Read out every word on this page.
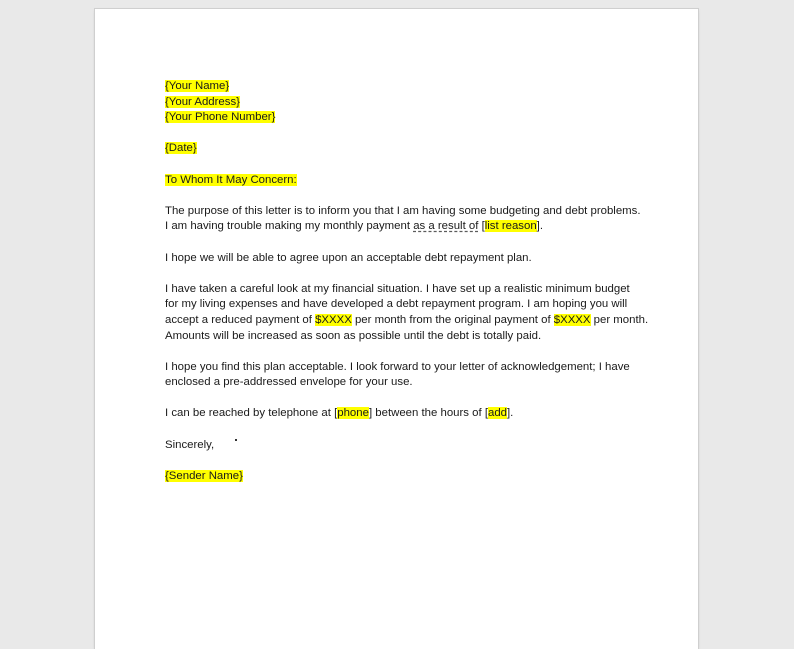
{Your Name}

{Your Address}

{Your Phone Number}

{Date}

To Whom It May Concern:

The purpose of this letter is to inform you that I am having some budgeting and debt problems.

I am having trouble making my monthly payment as a result of [list reason].

I hope we will be able to agree upon an acceptable debt repayment plan.

I have taken a careful look at my financial situation. I have set up a realistic minimum budget

for my living expenses and have developed a debt repayment program. I am hoping you will

accept a reduced payment of $XXXX per month from the original payment of $XXXX per month.

Amounts will be increased as soon as possible until the debt is totally paid.

I hope you find this plan acceptable. I look forward to your letter of acknowledgement; I have

enclosed a pre-addressed envelope for your use.

I can be reached by telephone at [phone] between the hours of [add].

Sincerely,

{Sender Name}
